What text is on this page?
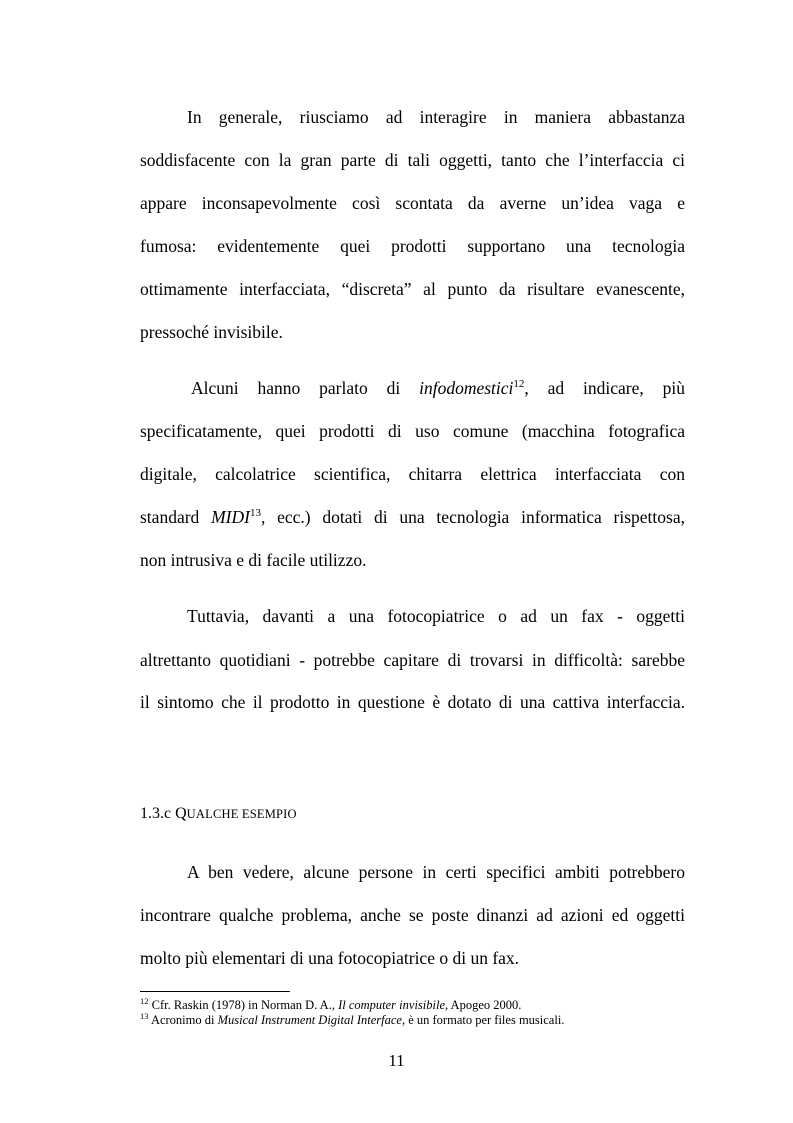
In generale, riusciamo ad interagire in maniera abbastanza
soddisfacente con la gran parte di tali oggetti, tanto che l’interfaccia ci
appare inconsapevolmente così scontata da averne un’idea vaga e
fumosa: evidentemente quei prodotti supportano una tecnologia
ottimamente interfacciata, “discreta” al punto da risultare evanescente,
pressoché invisibile.
Alcuni hanno parlato di infodomestici$^{12}$, ad indicare, più
specificatamente, quei prodotti di uso comune (macchina fotografica
digitale, calcolatrice scientifica, chitarra elettrica interfacciata con
standard MIDI$^{13}$, ecc.) dotati di una tecnologia informatica rispettosa,
non intrusiva e di facile utilizzo.
Tuttavia, davanti a una fotocopiatrice o ad un fax - oggetti
altrettanto quotidiani - potrebbe capitare di trovarsi in difficoltà: sarebbe
il sintomo che il prodotto in questione è dotato di una cattiva interfaccia.
1.3.c QUALCHE ESEMPIO
A ben vedere, alcune persone in certi specifici ambiti potrebbero
incontrare qualche problema, anche se poste dinanzi ad azioni ed oggetti
molto più elementari di una fotocopiatrice o di un fax.
$^{12}$ Cfr. Raskin (1978) in Norman D. A., Il computer invisibile, Apogeo 2000.
$^{13}$ Acronimo di Musical Instrument Digital Interface, è un formato per files musicali.
11
